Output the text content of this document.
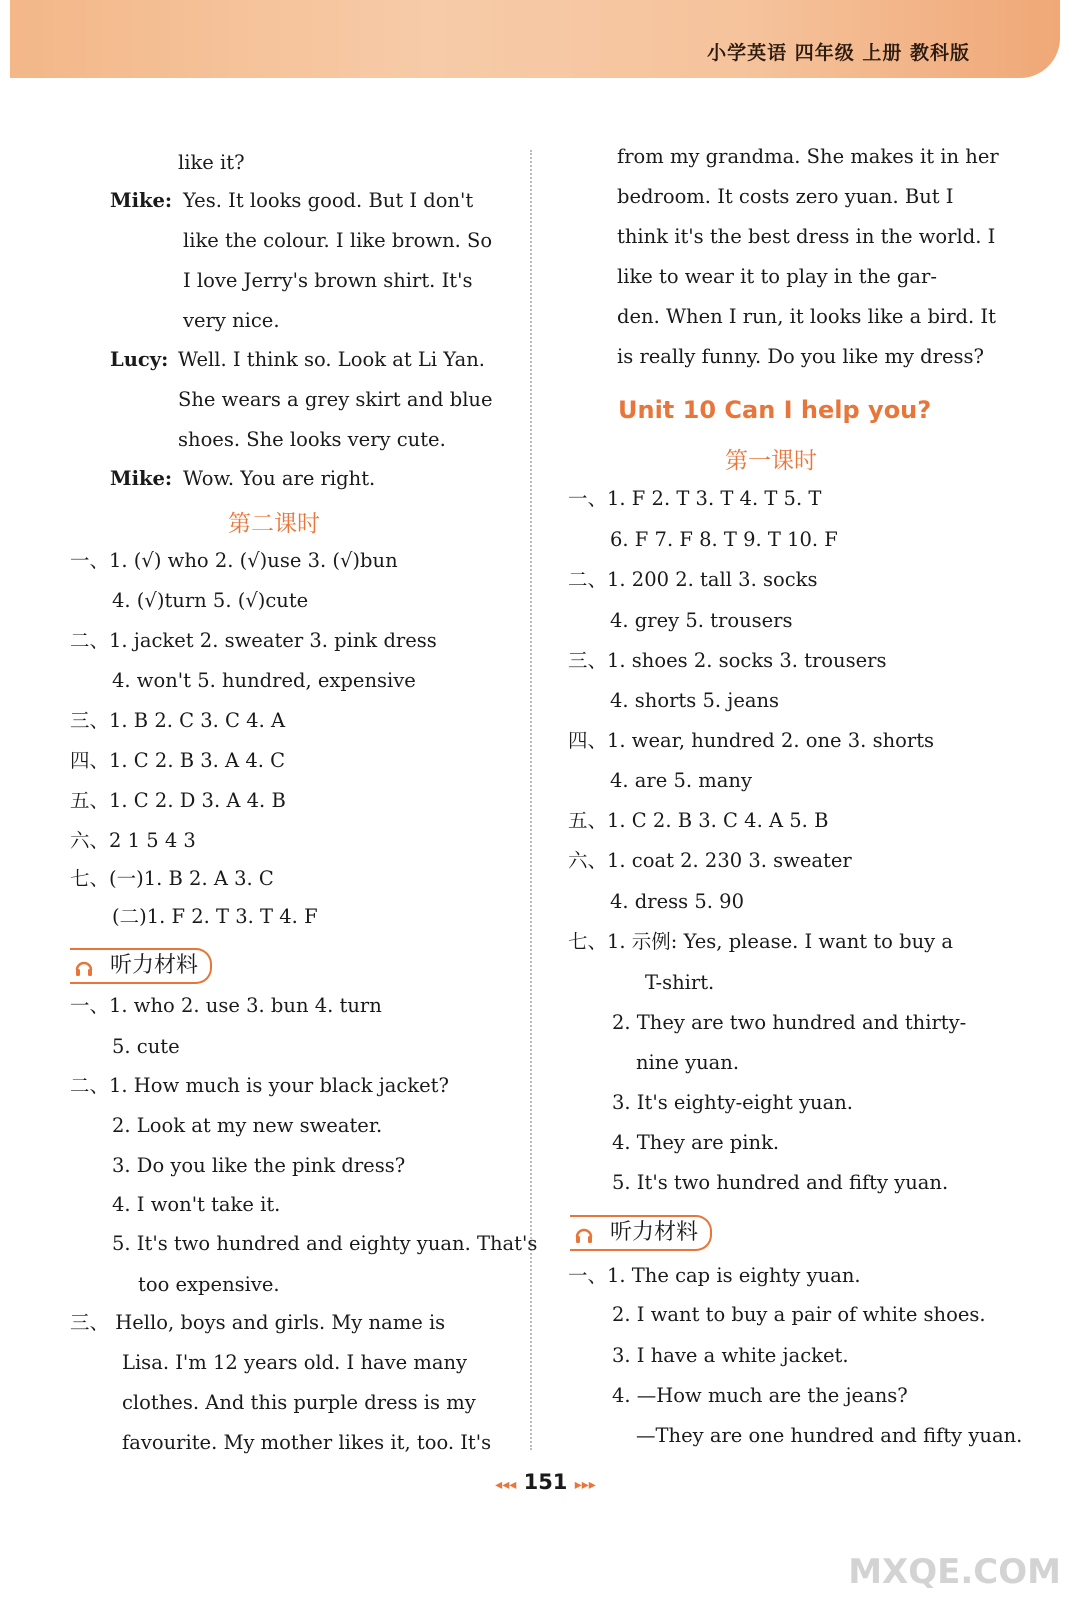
小学英语 四年级 上册 教科版
like it?
Mike: Yes. It looks good. But I don't
like the colour. I like brown. So
I love Jerry's brown shirt. It's
very nice.
Lucy: Well. I think so. Look at Li Yan.
She wears a grey skirt and blue
shoes. She looks very cute.
Mike: Wow. You are right.
第二课时
一、1. (√) who 2. (√)use 3. (√)bun
4. (√)turn 5. (√)cute
二、1. jacket 2. sweater 3. pink dress
4. won't 5. hundred, expensive
三、1. B 2. C 3. C 4. A
四、1. C 2. B 3. A 4. C
五、1. C 2. D 3. A 4. B
六、2 1 5 4 3
七、(一)1. B 2. A 3. C
(二)1. F 2. T 3. T 4. F
听力材料
一、1. who 2. use 3. bun 4. turn
5. cute
二、1. How much is your black jacket?
2. Look at my new sweater.
3. Do you like the pink dress?
4. I won't take it.
5. It's two hundred and eighty yuan. That's
too expensive.
三、 Hello, boys and girls. My name is
Lisa. I'm 12 years old. I have many
clothes. And this purple dress is my
favourite. My mother likes it, too. It's
from my grandma. She makes it in her
bedroom. It costs zero yuan. But I
think it's the best dress in the world. I
like to wear it to play in the gar-
den. When I run, it looks like a bird. It
is really funny. Do you like my dress?
Unit 10 Can I help you?
第一课时
一、1. F 2. T 3. T 4. T 5. T
6. F 7. F 8. T 9. T 10. F
二、1. 200 2. tall 3. socks
4. grey 5. trousers
三、1. shoes 2. socks 3. trousers
4. shorts 5. jeans
四、1. wear, hundred 2. one 3. shorts
4. are 5. many
五、1. C 2. B 3. C 4. A 5. B
六、1. coat 2. 230 3. sweater
4. dress 5. 90
七、1. 示例: Yes, please. I want to buy a
T-shirt.
2. They are two hundred and thirty-
nine yuan.
3. It's eighty-eight yuan.
4. They are pink.
5. It's two hundred and fifty yuan.
听力材料
一、1. The cap is eighty yuan.
2. I want to buy a pair of white shoes.
3. I have a white jacket.
4. —How much are the jeans?
—They are one hundred and fifty yuan.
◂◂◂ 151 ▸▸▸
MXQE.COM
